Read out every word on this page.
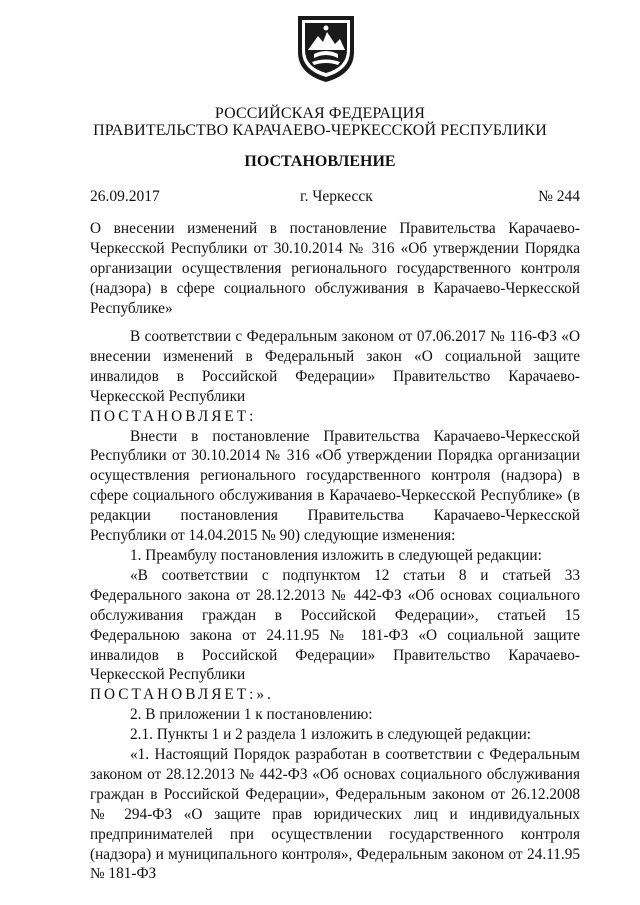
РОССИЙСКАЯ ФЕДЕРАЦИЯ
ПРАВИТЕЛЬСТВО КАРАЧАЕВО-ЧЕРКЕССКОЙ РЕСПУБЛИКИ
ПОСТАНОВЛЕНИЕ
26.09.2017	г. Черкесск	№ 244

О внесении изменений в постановление Правительства Карачаево-Черкесской Республики от 30.10.2014 № 316 «Об утверждении Порядка организации осуществления регионального государственного контроля (надзора) в сфере социального обслуживания в Карачаево-Черкесской Республике»

В соответствии с Федеральным законом от 07.06.2017 № 116-ФЗ «О внесении изменений в Федеральный закон «О социальной защите инвалидов в Российской Федерации» Правительство Карачаево-Черкесской Республики

ПОСТАНОВЛЯЕТ:

Внести в постановление Правительства Карачаево-Черкесской Республики от 30.10.2014 № 316 «Об утверждении Порядка организации осуществления регионального государственного контроля (надзора) в сфере социального обслуживания в Карачаево-Черкесской Республике» (в редакции постановления Правительства Карачаево-Черкесской Республики от 14.04.2015 № 90) следующие изменения:

1. Преамбулу постановления изложить в следующей редакции:

«В соответствии с подпунктом 12 статьи 8 и статьей 33 Федерального закона от 28.12.2013 № 442-ФЗ «Об основах социального обслуживания граждан в Российской Федерации», статьей 15 Федеральною закона от 24.11.95 № 181-ФЗ «О социальной защите инвалидов в Российской Федерации» Правительство Карачаево-Черкесской Республики

ПОСТАНОВЛЯЕТ:».

2. В приложении 1 к постановлению:

2.1. Пункты 1 и 2 раздела 1 изложить в следующей редакции:

«1. Настоящий Порядок разработан в соответствии с Федеральным законом от 28.12.2013 № 442-ФЗ «Об основах социального обслуживания граждан в Российской Федерации», Федеральным законом от 26.12.2008 № 294-ФЗ «О защите прав юридических лиц и индивидуальных предпринимателей при осуществлении государственного контроля (надзора) и муниципального контроля», Федеральным законом от 24.11.95 № 181-ФЗ
